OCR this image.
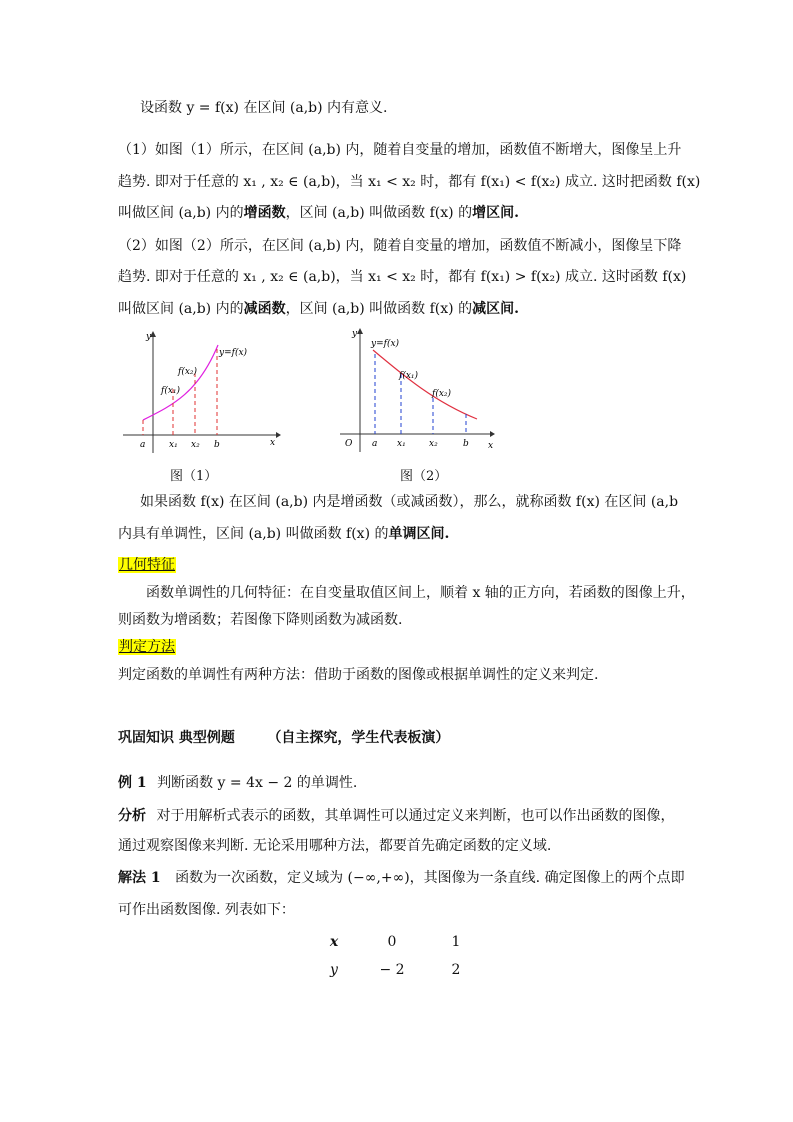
设函数 y = f(x) 在区间 (a,b) 内有意义.
（1）如图（1）所示，在区间 (a,b) 内，随着自变量的增加，函数值不断增大，图像呈上升
趋势. 即对于任意的 x₁ , x₂ ∈ (a,b)，当 x₁ < x₂ 时，都有 f(x₁) < f(x₂) 成立. 这时把函数 f(x)
叫做区间 (a,b) 内的增函数，区间 (a,b) 叫做函数 f(x) 的增区间.
（2）如图（2）所示，在区间 (a,b) 内，随着自变量的增加，函数值不断减小，图像呈下降
趋势. 即对于任意的 x₁ , x₂ ∈ (a,b)，当 x₁ < x₂ 时，都有 f(x₁) > f(x₂) 成立. 这时函数 f(x)
叫做区间 (a,b) 内的减函数，区间 (a,b) 叫做函数 f(x) 的减区间.
y
x
y=f(x)
f(x₁)
f(x₂)
a	x₁ x₂ b
图（1）
y
x
O
y=f(x)
f(x₁)
f(x₂)
a x₁	x₂	b
图（2）
如果函数 f(x) 在区间 (a,b) 内是增函数（或减函数），那么，就称函数 f(x) 在区间 (a,b
内具有单调性，区间 (a,b) 叫做函数 f(x) 的单调区间.
几何特征
函数单调性的几何特征：在自变量取值区间上，顺着 x 轴的正方向，若函数的图像上升，
则函数为增函数；若图像下降则函数为减函数.
判定方法
判定函数的单调性有两种方法：借助于函数的图像或根据单调性的定义来判定.
巩固知识 典型例题 （自主探究，学生代表板演）
例 1 判断函数 y = 4x − 2 的单调性.
分析 对于用解析式表示的函数，其单调性可以通过定义来判断，也可以作出函数的图像，
通过观察图像来判断. 无论采用哪种方法，都要首先确定函数的定义域.
解法 1 函数为一次函数，定义域为 (−∞,+∞)，其图像为一条直线. 确定图像上的两个点即
可作出函数图像. 列表如下：
x	0	1
y	− 2	2
